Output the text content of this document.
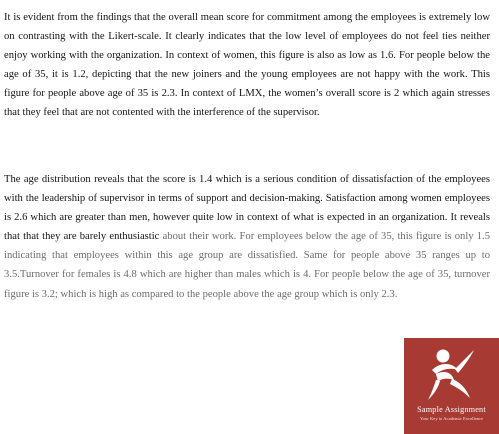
It is evident from the findings that the overall mean score for commitment among the employees is extremely low on contrasting with the Likert-scale. It clearly indicates that the low level of employees do not feel ties neither enjoy working with the organization. In context of women, this figure is also as low as 1.6. For people below the age of 35, it is 1.2, depicting that the new joiners and the young employees are not happy with the work. This figure for people above age of 35 is 2.3. In context of LMX, the women’s overall score is 2 which again stresses that they feel that are not contented with the interference of the supervisor.

The age distribution reveals that the score is 1.4 which is a serious condition of dissatisfaction of the employees with the leadership of supervisor in terms of support and decision-making. Satisfaction among women employees is 2.6 which are greater than men, however quite low in context of what is expected in an organization. It reveals that that they are barely enthusiastic about their work. For employees below the age of 35, this figure is only 1.5 indicating that employees within this age group are dissatisfied. Same for people above 35 ranges up to 3.5.Turnover for females is 4.8 which are higher than males which is 4. For people below the age of 35, turnover figure is 3.2; which is high as compared to the people above the age group which is only 2.3.

Sample Assignment
Your Key to Academic Excellence
